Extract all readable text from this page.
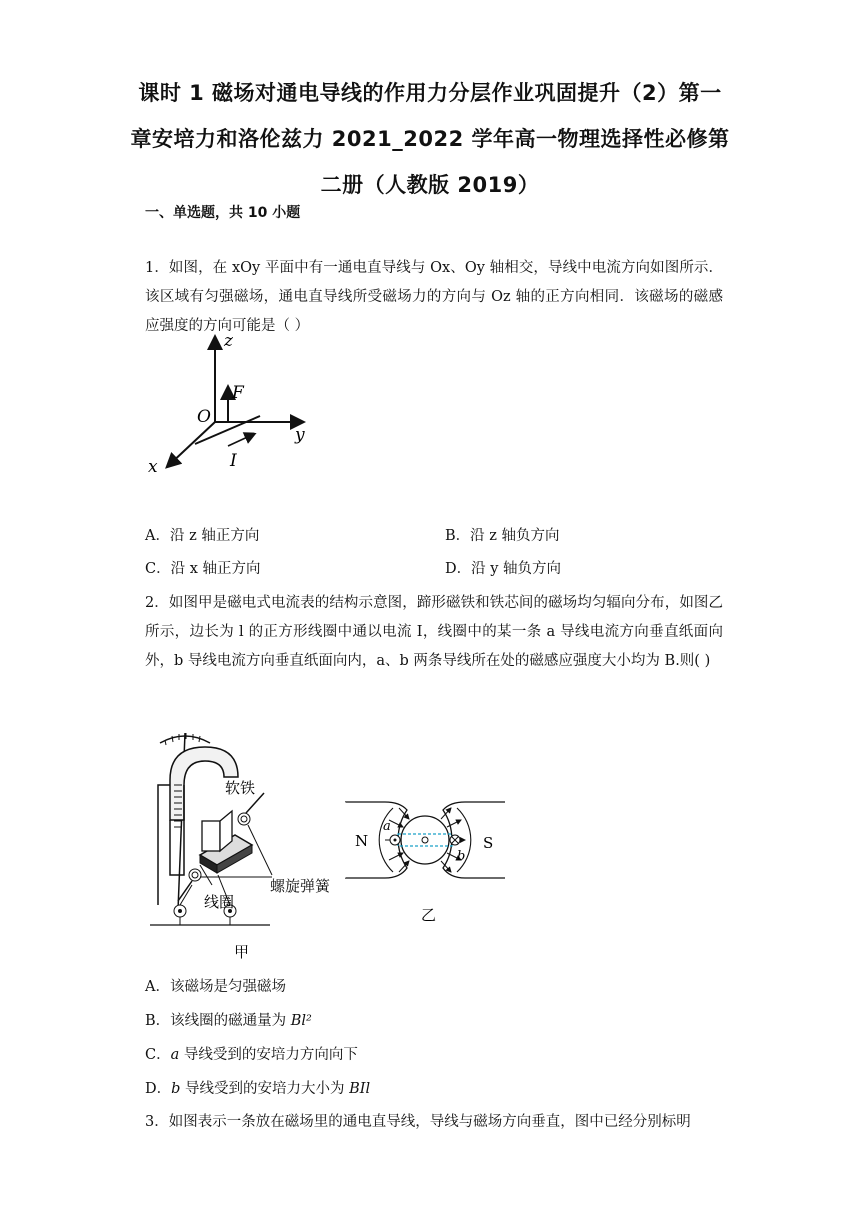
课时 1 磁场对通电导线的作用力分层作业巩固提升（2）第一
章安培力和洛伦兹力 2021_2022 学年高一物理选择性必修第
二册（人教版 2019）
一、单选题，共 10 小题
1．如图，在 xOy 平面中有一通电直导线与 Ox、Oy 轴相交，导线中电流方向如图所示．该区域有匀强磁场，通电直导线所受磁场力的方向与 Oz 轴的正方向相同．该磁场的磁感应强度的方向可能是（ ）
z
F
O
y
x	I
A．沿 z 轴正方向	B．沿 z 轴负方向
C．沿 x 轴正方向	D．沿 y 轴负方向
2．如图甲是磁电式电流表的结构示意图，蹄形磁铁和铁芯间的磁场均匀辐向分布，如图乙所示，边长为 l 的正方形线圈中通以电流 I，线圈中的某一条 a 导线电流方向垂直纸面向外，b 导线电流方向垂直纸面向内，a、b 两条导线所在处的磁感应强度大小均为 B.则( )
软铁
线圈
甲
螺旋弹簧
N	S
a
b
乙
A．该磁场是匀强磁场
B．该线圈的磁通量为 Bl²
C．a 导线受到的安培力方向向下
D．b 导线受到的安培力大小为 BIl
3．如图表示一条放在磁场里的通电直导线，导线与磁场方向垂直，图中已经分别标明
